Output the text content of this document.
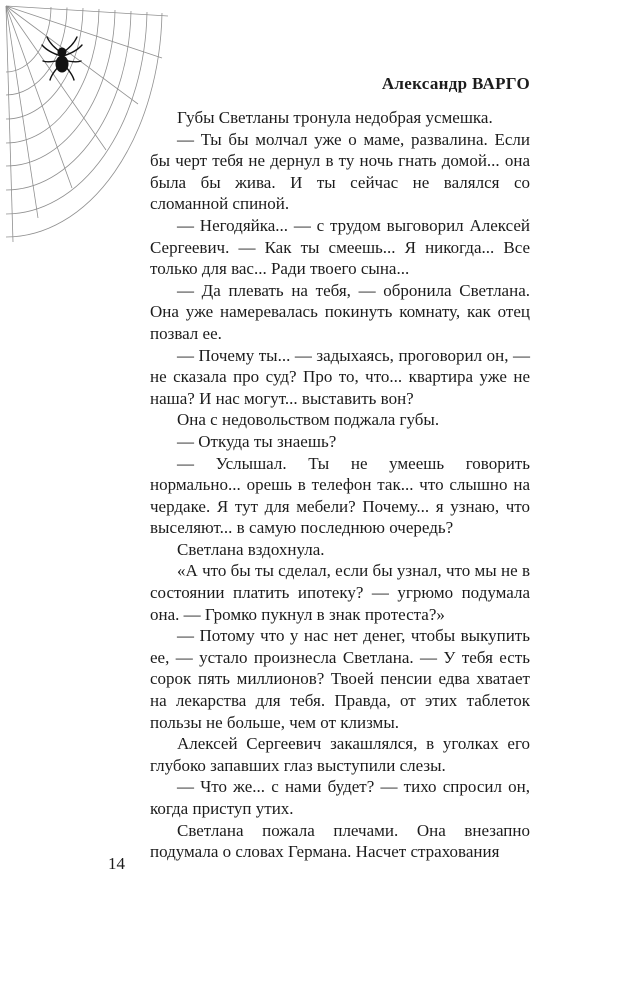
Александр ВАРГО

Губы Светланы тронула недобрая усмешка.

— Ты бы молчал уже о маме, развалина. Если бы черт тебя не дернул в ту ночь гнать домой... она была бы жива. И ты сейчас не валялся со сломанной спиной.

— Негодяйка... — с трудом выговорил Алексей Сергеевич. — Как ты смеешь... Я никогда... Все только для вас... Ради твоего сына...

— Да плевать на тебя, — обронила Светлана. Она уже намеревалась покинуть комнату, как отец позвал ее.

— Почему ты... — задыхаясь, проговорил он, — не сказала про суд? Про то, что... квартира уже не наша? И нас могут... выставить вон?

Она с недовольством поджала губы.

— Откуда ты знаешь?

— Услышал. Ты не умеешь говорить нормально... орешь в телефон так... что слышно на чердаке. Я тут для мебели? Почему... я узнаю, что выселяют... в самую последнюю очередь?

Светлана вздохнула.

«А что бы ты сделал, если бы узнал, что мы не в состоянии платить ипотеку? — угрюмо подумала она. — Громко пукнул в знак протеста?»

— Потому что у нас нет денег, чтобы выкупить ее, — устало произнесла Светлана. — У тебя есть сорок пять миллионов? Твоей пенсии едва хватает на лекарства для тебя. Правда, от этих таблеток пользы не больше, чем от клизмы.

Алексей Сергеевич закашлялся, в уголках его глубоко запавших глаз выступили слезы.

— Что же... с нами будет? — тихо спросил он, когда приступ утих.

Светлана пожала плечами. Она внезапно подумала о словах Германа. Насчет страхования

14
